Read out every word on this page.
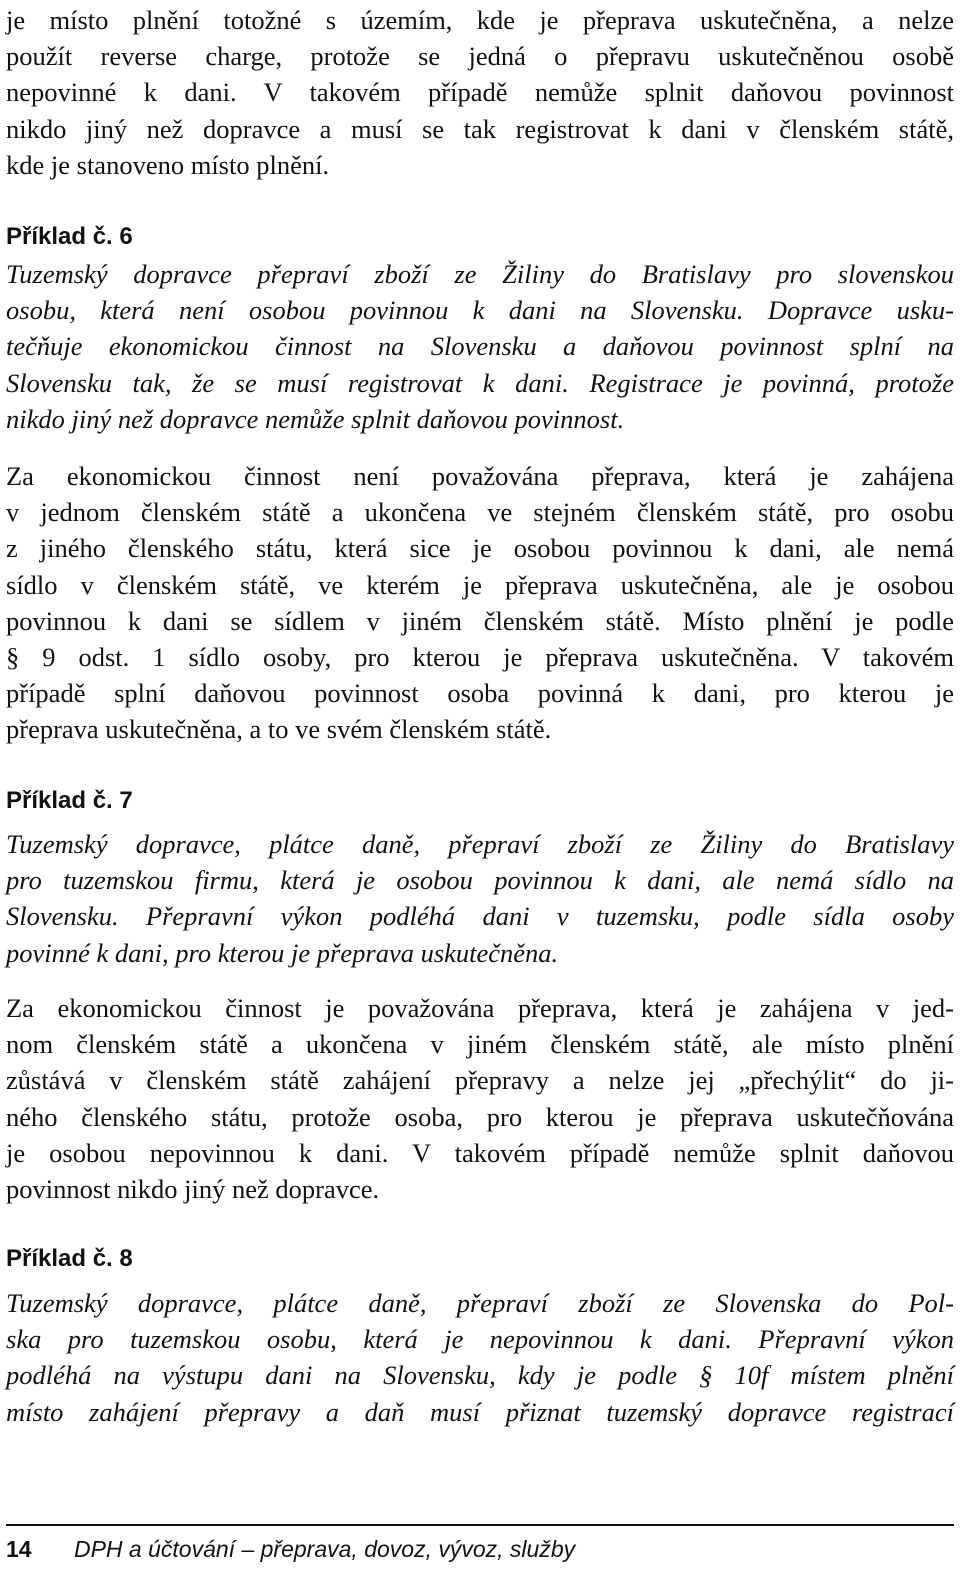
je místo plnění totožné s územím, kde je přeprava uskutečněna, a nelze
použít reverse charge, protože se jedná o přepravu uskutečněnou osobě
nepovinné k dani. V takovém případě nemůže splnit daňovou povinnost
nikdo jiný než dopravce a musí se tak registrovat k dani v členském státě,
kde je stanoveno místo plnění.
Příklad č. 6
Tuzemský dopravce přepraví zboží ze Žiliny do Bratislavy pro slovenskou
osobu, která není osobou povinnou k dani na Slovensku. Dopravce usku-
tečňuje ekonomickou činnost na Slovensku a daňovou povinnost splní na
Slovensku tak, že se musí registrovat k dani. Registrace je povinná, protože
nikdo jiný než dopravce nemůže splnit daňovou povinnost.
Za ekonomickou činnost není považována přeprava, která je zahájena
v jednom členském státě a ukončena ve stejném členském státě, pro osobu
z jiného členského státu, která sice je osobou povinnou k dani, ale nemá
sídlo v členském státě, ve kterém je přeprava uskutečněna, ale je osobou
povinnou k dani se sídlem v jiném členském státě. Místo plnění je podle
§ 9 odst. 1 sídlo osoby, pro kterou je přeprava uskutečněna. V takovém
případě splní daňovou povinnost osoba povinná k dani, pro kterou je
přeprava uskutečněna, a to ve svém členském státě.
Příklad č. 7
Tuzemský dopravce, plátce daně, přepraví zboží ze Žiliny do Bratislavy
pro tuzemskou firmu, která je osobou povinnou k dani, ale nemá sídlo na
Slovensku. Přepravní výkon podléhá dani v tuzemsku, podle sídla osoby
povinné k dani, pro kterou je přeprava uskutečněna.
Za ekonomickou činnost je považována přeprava, která je zahájena v jed-
nom členském státě a ukončena v jiném členském státě, ale místo plnění
zůstává v členském státě zahájení přepravy a nelze jej „přechýlit“ do ji-
ného členského státu, protože osoba, pro kterou je přeprava uskutečňována
je osobou nepovinnou k dani. V takovém případě nemůže splnit daňovou
povinnost nikdo jiný než dopravce.
Příklad č. 8
Tuzemský dopravce, plátce daně, přepraví zboží ze Slovenska do Pol-
ska pro tuzemskou osobu, která je nepovinnou k dani. Přepravní výkon
podléhá na výstupu dani na Slovensku, kdy je podle § 10f místem plnění
místo zahájení přepravy a daň musí přiznat tuzemský dopravce registrací
14 DPH a účtování – přeprava, dovoz, vývoz, služby
